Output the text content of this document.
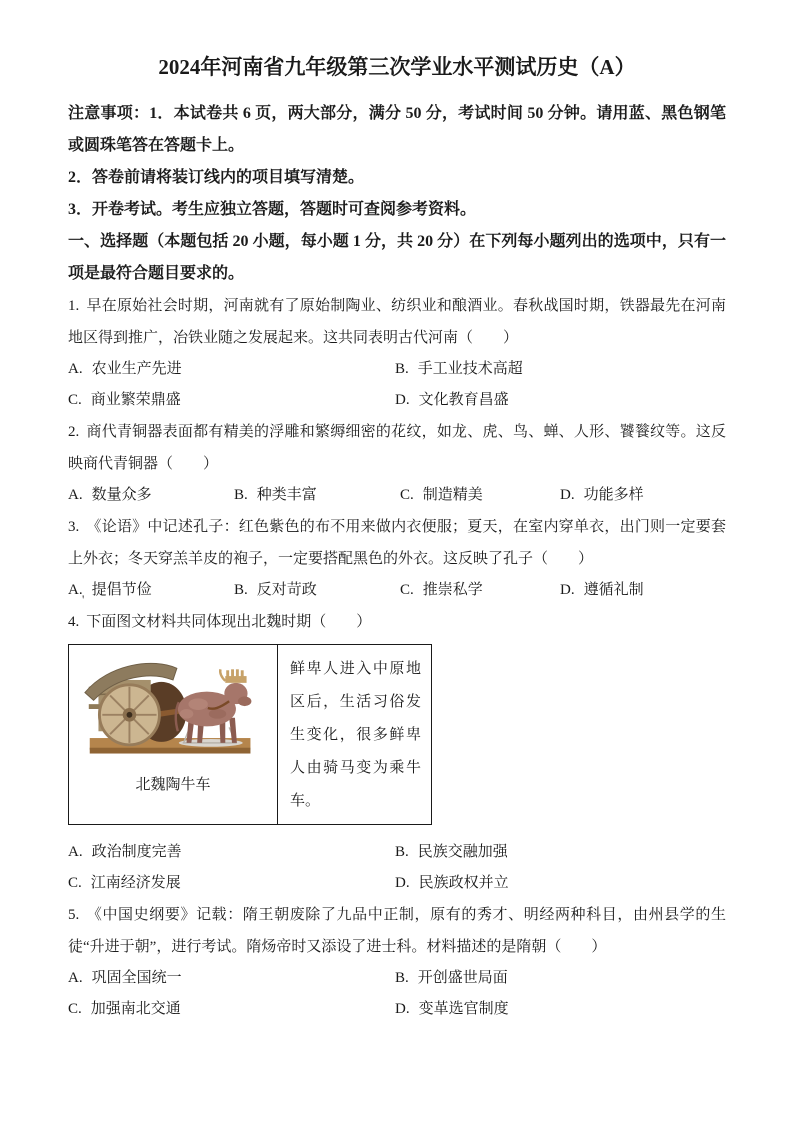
2024年河南省九年级第三次学业水平测试历史（A）

注意事项：1．本试卷共 6 页，两大部分，满分 50 分，考试时间 50 分钟。请用蓝、黑色钢笔或圆珠笔答在答题卡上。

2．答卷前请将装订线内的项目填写清楚。

3．开卷考试。考生应独立答题，答题时可查阅参考资料。

一、选择题（本题包括 20 小题，每小题 1 分，共 20 分）在下列每小题列出的选项中，只有一项是最符合题目要求的。

1. 早在原始社会时期，河南就有了原始制陶业、纺织业和酿酒业。春秋战国时期，铁器最先在河南地区得到推广，冶铁业随之发展起来。这共同表明古代河南（　　）

A. 农业生产先进	B. 手工业技术高超
C. 商业繁荣鼎盛	D. 文化教育昌盛

2. 商代青铜器表面都有精美的浮雕和繁缛细密的花纹，如龙、虎、鸟、蝉、人形、饕餮纹等。这反映商代青铜器（　　）

A. 数量众多	B. 种类丰富	C. 制造精美	D. 功能多样

3. 《论语》中记述孔子：红色紫色的布不用来做内衣便服；夏天，在室内穿单衣，出门则一定要套上外衣；冬天穿羔羊皮的袍子，一定要搭配黑色的外衣。这反映了孔子（　　）

A. 提倡节俭	B. 反对苛政	C. 推崇私学	D. 遵循礼制
'

4. 下面图文材料共同体现出北魏时期（　　）

北魏陶牛车
	鲜卑人进入中原地区后，生活习俗发生变化，很多鲜卑人由骑马变为乘牛车。
A. 政治制度完善	B. 民族交融加强
C. 江南经济发展	D. 民族政权并立

5. 《中国史纲要》记载：隋王朝废除了九品中正制，原有的秀才、明经两种科目，由州县学的生徒“升进于朝”，进行考试。隋炀帝时又添设了进士科。材料描述的是隋朝（　　）

A. 巩固全国统一	B. 开创盛世局面
C. 加强南北交通	D. 变革选官制度
